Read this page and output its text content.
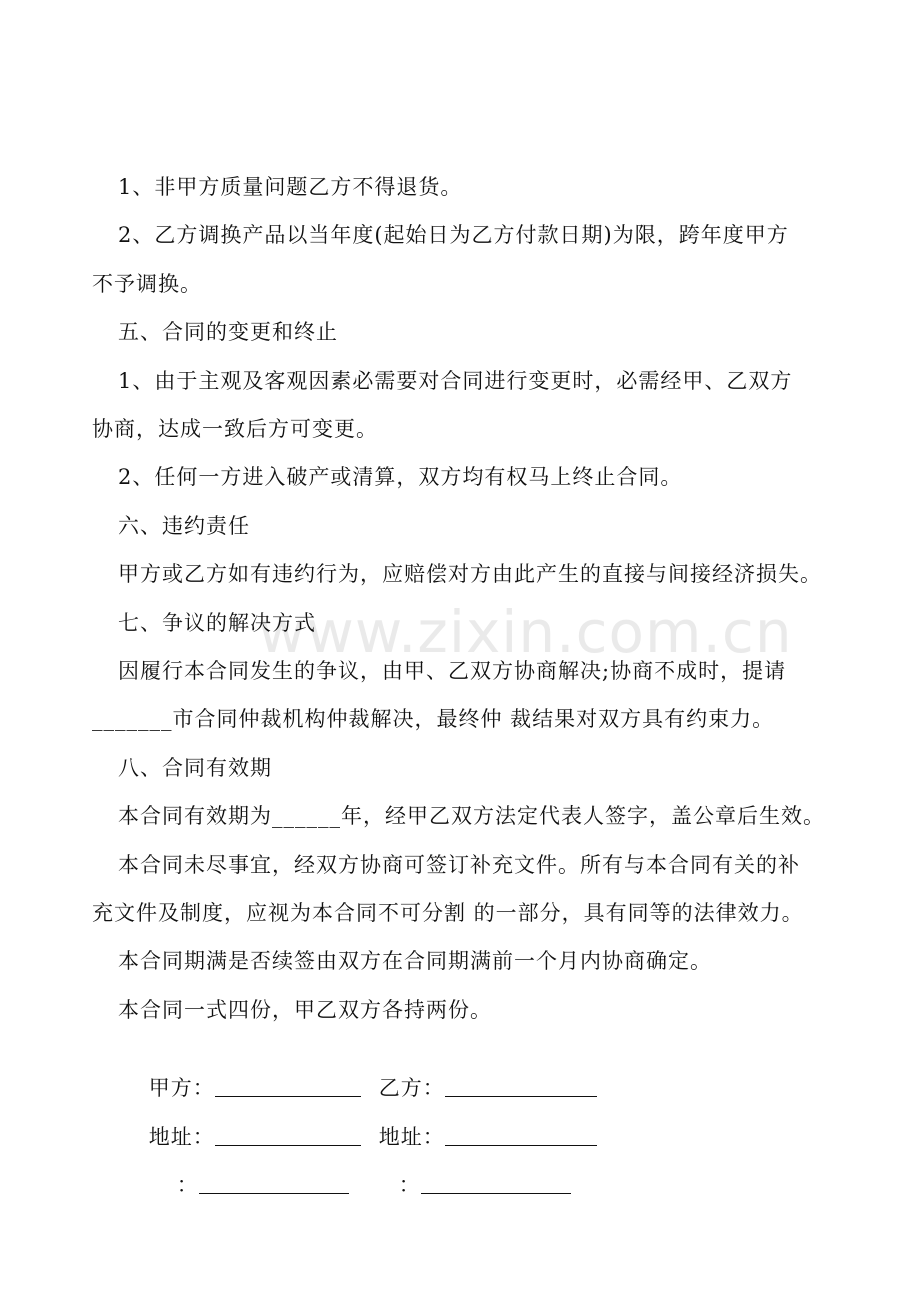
www.zixin.com.cn
1、非甲方质量问题乙方不得退货。
2、乙方调换产品以当年度(起始日为乙方付款日期)为限，跨年度甲方
不予调换。
五、合同的变更和终止
1、由于主观及客观因素必需要对合同进行变更时，必需经甲、乙双方
协商，达成一致后方可变更。
2、任何一方进入破产或清算，双方均有权马上终止合同。
六、违约责任
甲方或乙方如有违约行为，应赔偿对方由此产生的直接与间接经济损失。
七、争议的解决方式
因履行本合同发生的争议，由甲、乙双方协商解决;协商不成时，提请
_______市合同仲裁机构仲裁解决，最终仲 裁结果对双方具有约束力。
八、合同有效期
本合同有效期为______年，经甲乙双方法定代表人签字，盖公章后生效。
本合同未尽事宜，经双方协商可签订补充文件。所有与本合同有关的补
充文件及制度，应视为本合同不可分割 的一部分，具有同等的法律效力。
本合同期满是否续签由双方在合同期满前一个月内协商确定。
本合同一式四份，甲乙双方各持两份。

甲方：
	乙方：

地址：
	地址：

：
	：
